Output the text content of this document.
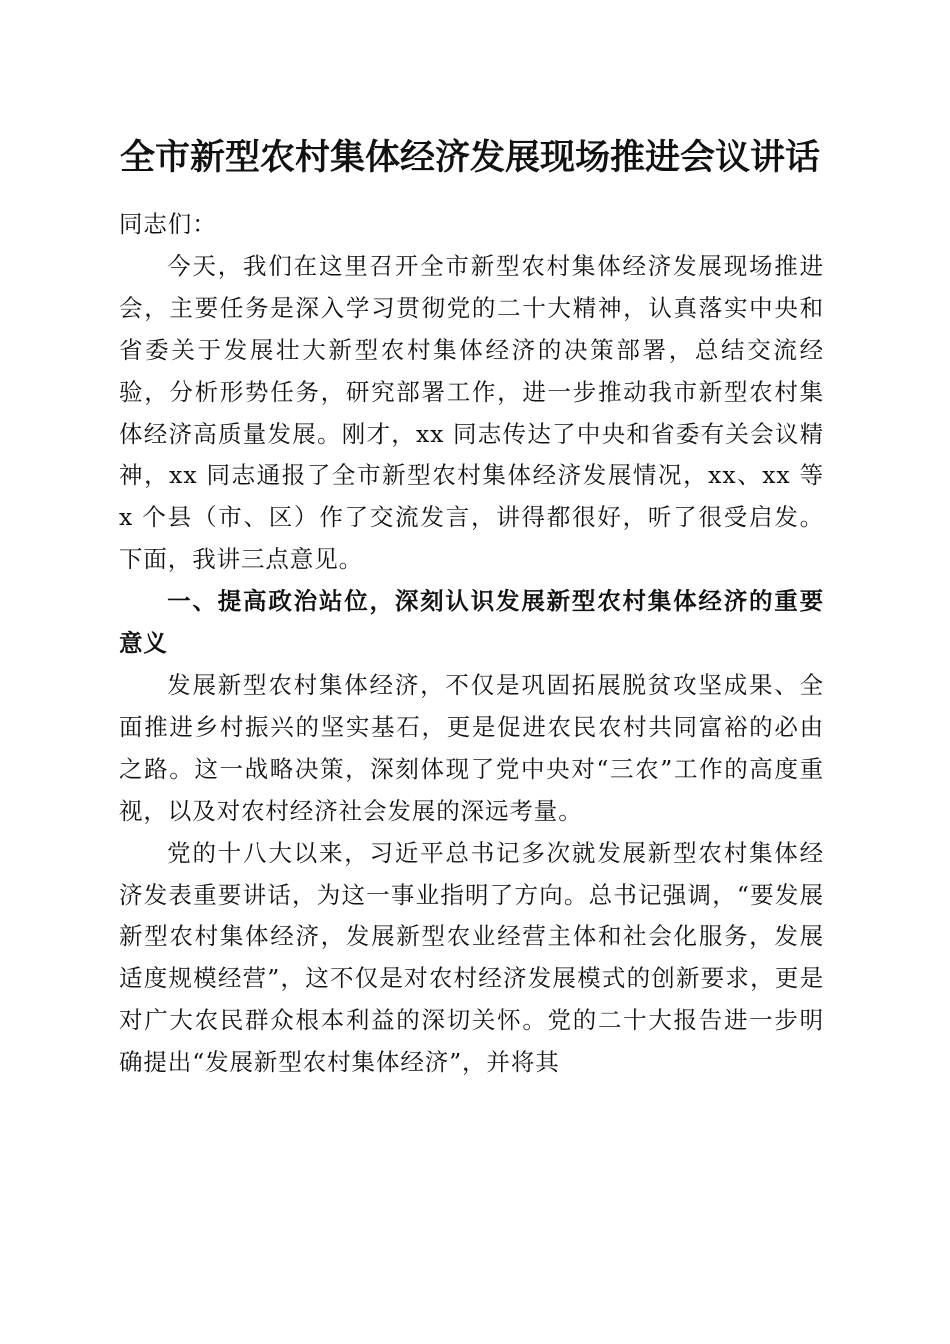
全市新型农村集体经济发展现场推进会议讲话

同志们：

今天，我们在这里召开全市新型农村集体经济发展现场推进会，主要任务是深入学习贯彻党的二十大精神，认真落实中央和省委关于发展壮大新型农村集体经济的决策部署，总结交流经验，分析形势任务，研究部署工作，进一步推动我市新型农村集体经济高质量发展。刚才，xx 同志传达了中央和省委有关会议精神，xx 同志通报了全市新型农村集体经济发展情况，xx、xx 等 x 个县（市、区）作了交流发言，讲得都很好，听了很受启发。下面，我讲三点意见。

一、提高政治站位，深刻认识发展新型农村集体经济的重要意义

发展新型农村集体经济，不仅是巩固拓展脱贫攻坚成果、全面推进乡村振兴的坚实基石，更是促进农民农村共同富裕的必由之路。这一战略决策，深刻体现了党中央对“三农”工作的高度重视，以及对农村经济社会发展的深远考量。

党的十八大以来，习近平总书记多次就发展新型农村集体经济发表重要讲话，为这一事业指明了方向。总书记强调，“要发展新型农村集体经济，发展新型农业经营主体和社会化服务，发展适度规模经营”，这不仅是对农村经济发展模式的创新要求，更是对广大农民群众根本利益的深切关怀。党的二十大报告进一步明确提出“发展新型农村集体经济”，并将其
